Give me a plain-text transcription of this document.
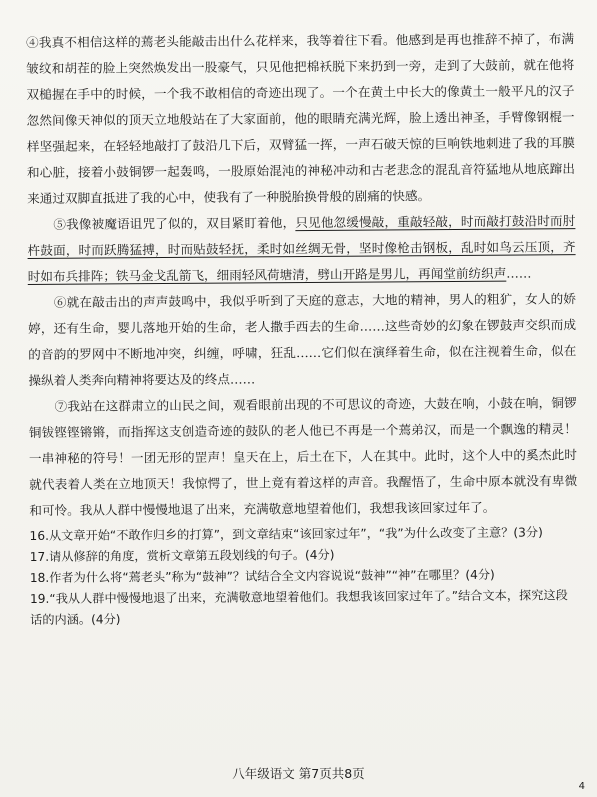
④我真不相信这样的蔫老头能敲击出什么花样来，我等着往下看。他感到是再也推辞不掉了，布满皱纹和胡茬的脸上突然焕发出一股豪气，只见他把棉袄脱下来扔到一旁，走到了大鼓前，就在他将双槌握在手中的时候，一个我不敢相信的奇迹出现了。一个在黄土中长大的像黄土一般平凡的汉子忽然间像天神似的顶天立地般站在了大家面前，他的眼睛充满光辉，脸上透出神圣，手臂像钢棍一样坚强起来，在轻轻地敲打了鼓沿几下后，双臂猛一挥，一声石破天惊的巨响铁地刺进了我的耳膜和心脏，接着小鼓铜锣一起轰鸣，一股原始混沌的神秘冲动和古老悲念的混乱音符猛地从地底蹿出来通过双脚直抵进了我的心中，使我有了一种脱胎换骨般的剧痛的快感。

⑤我像被魔语诅咒了似的，双目紧盯着他，只见他忽缓慢敲，重敲轻敲，时而敲打鼓沿时而肘杵鼓面，时而跃腾猛搏，时而贴鼓轻抚，柔时如丝绸无骨，坚时像枪击钢板，乱时如鸟云压顶，齐时如布兵排阵；铁马金戈乱箭飞，细雨轻风荷塘清，劈山开路是男儿，再闻堂前纺织声……

⑥就在敲击出的声声鼓鸣中，我似乎听到了天庭的意志，大地的精神，男人的粗犷，女人的娇婷，还有生命，婴儿落地开始的生命，老人撒手西去的生命……这些奇妙的幻象在锣鼓声交织而成的音韵的罗网中不断地冲突，纠缠，呼啸，狂乱……它们似在演绎着生命，似在注视着生命，似在操纵着人类奔向精神将要达及的终点……

⑦我站在这群肃立的山民之间，观看眼前出现的不可思议的奇迹，大鼓在响，小鼓在响，铜锣铜钹铿铿锵锵，而指挥这支创造奇迹的鼓队的老人他已不再是一个蔫弟汉，而是一个飘逸的精灵！一串神秘的符号！一团无形的罡声！皇天在上，后土在下，人在其中。此时，这个人中的奚杰此时就代表着人类在立地顶天！我惊愕了，世上竟有着这样的声音。我醒悟了，生命中原本就没有卑微和可怜。我从人群中慢慢地退了出来，充满敬意地望着他们，我想我该回家过年了。

16.从文章开始“不敢作归乡的打算”，到文章结束“该回家过年”，“我”为什么改变了主意？(3分)

17.请从修辞的角度，赏析文章第五段划线的句子。(4分)

18.作者为什么将“蔫老头”称为“鼓神”？试结合全文内容说说“鼓神”“神”在哪里？(4分)

19.“我从人群中慢慢地退了出来，充满敬意地望着他们。我想我该回家过年了。”结合文本，探究这段话的内涵。(4分)

八年级语文 第7页共8页
4
